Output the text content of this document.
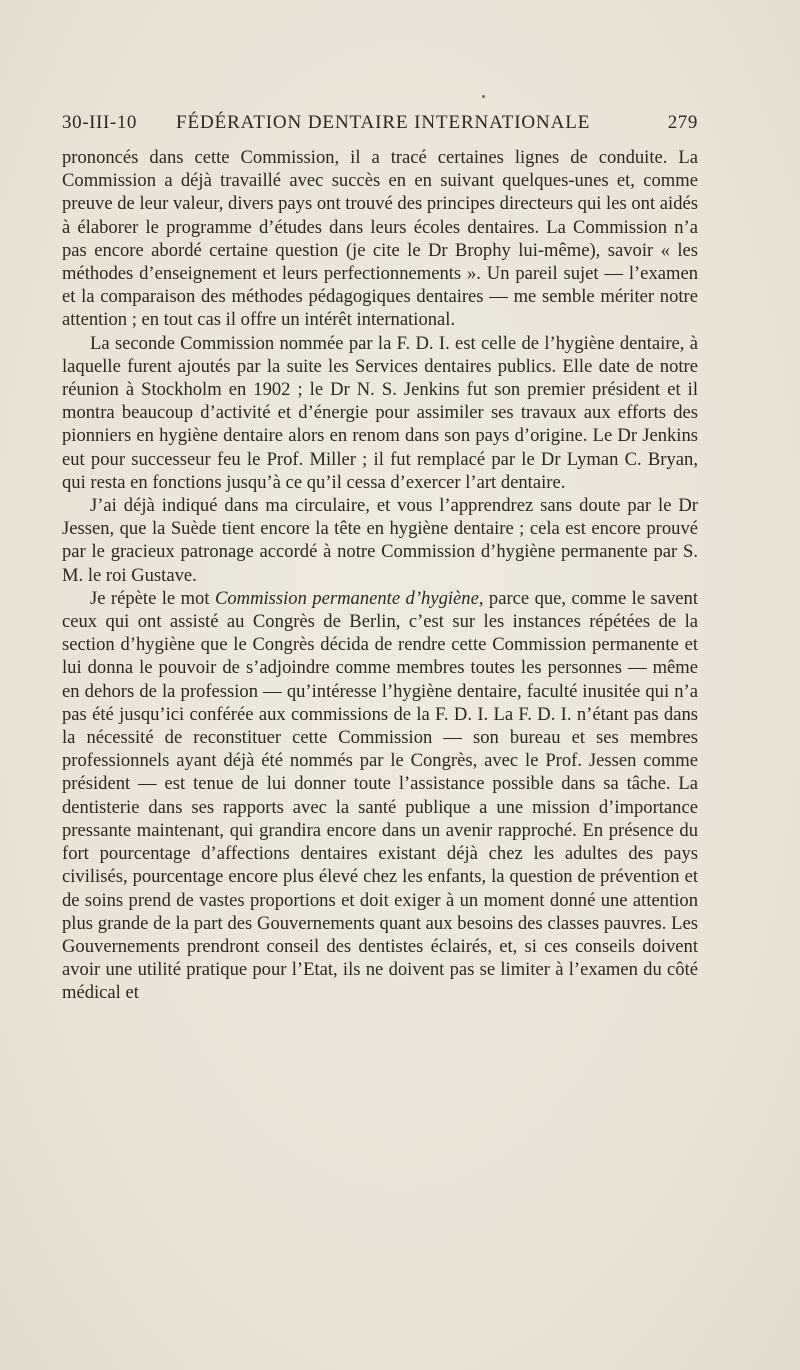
30-III-10 FÉDÉRATION DENTAIRE INTERNATIONALE	279

prononcés dans cette Commission, il a tracé certaines lignes de conduite. La Commission a déjà travaillé avec succès en en suivant quelques-unes et, comme preuve de leur valeur, divers pays ont trouvé des principes directeurs qui les ont aidés à élaborer le programme d’études dans leurs écoles dentaires. La Commission n’a pas encore abordé certaine question (je cite le Dr Brophy lui-même), savoir « les méthodes d’enseignement et leurs perfectionnements ». Un pareil sujet — l’examen et la comparaison des méthodes pédagogiques dentaires — me semble mériter notre attention ; en tout cas il offre un intérêt international.

La seconde Commission nommée par la F. D. I. est celle de l’hygiène dentaire, à laquelle furent ajoutés par la suite les Services dentaires publics. Elle date de notre réunion à Stockholm en 1902 ; le Dr N. S. Jenkins fut son premier président et il montra beaucoup d’activité et d’énergie pour assimiler ses travaux aux efforts des pionniers en hygiène dentaire alors en renom dans son pays d’origine. Le Dr Jenkins eut pour successeur feu le Prof. Miller ; il fut remplacé par le Dr Lyman C. Bryan, qui resta en fonctions jusqu’à ce qu’il cessa d’exercer l’art dentaire.

J’ai déjà indiqué dans ma circulaire, et vous l’apprendrez sans doute par le Dr Jessen, que la Suède tient encore la tête en hygiène dentaire ; cela est encore prouvé par le gracieux patronage accordé à notre Commission d’hygiène permanente par S. M. le roi Gustave.

Je répète le mot Commission permanente d’hygiène, parce que, comme le savent ceux qui ont assisté au Congrès de Berlin, c’est sur les instances répétées de la section d’hygiène que le Congrès décida de rendre cette Commission permanente et lui donna le pouvoir de s’adjoindre comme membres toutes les personnes — même en dehors de la profession — qu’intéresse l’hygiène dentaire, faculté inusitée qui n’a pas été jusqu’ici conférée aux commissions de la F. D. I. La F. D. I. n’étant pas dans la nécessité de reconstituer cette Commission — son bureau et ses membres professionnels ayant déjà été nommés par le Congrès, avec le Prof. Jessen comme président — est tenue de lui donner toute l’assistance possible dans sa tâche. La dentisterie dans ses rapports avec la santé publique a une mission d’importance pressante maintenant, qui grandira encore dans un avenir rapproché. En présence du fort pourcentage d’affections dentaires existant déjà chez les adultes des pays civilisés, pourcentage encore plus élevé chez les enfants, la question de prévention et de soins prend de vastes proportions et doit exiger à un moment donné une attention plus grande de la part des Gouvernements quant aux besoins des classes pauvres. Les Gouvernements prendront conseil des dentistes éclairés, et, si ces conseils doivent avoir une utilité pratique pour l’Etat, ils ne doivent pas se limiter à l’examen du côté médical et
